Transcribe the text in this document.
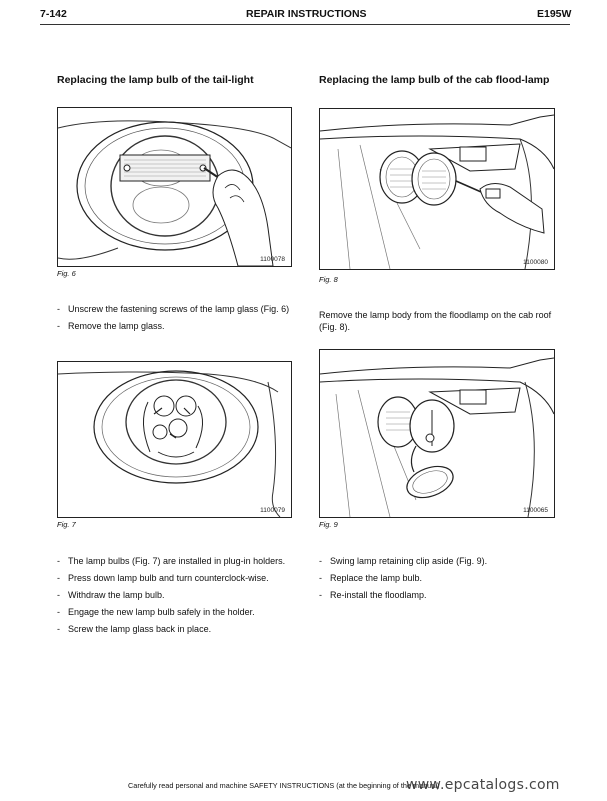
7-142	REPAIR INSTRUCTIONS	E195W
Replacing the lamp bulb of the tail-light
1100078
Fig. 6
- Unscrew the fastening screws of the lamp glass (Fig. 6)
- Remove the lamp glass.
1100079
Fig. 7
- The lamp bulbs (Fig. 7) are installed in plug-in holders.
- Press down lamp bulb and turn counterclock-wise.
- Withdraw the lamp bulb.
- Engage the new lamp bulb safely in the holder.
- Screw the lamp glass back in place.
Replacing the lamp bulb of the cab flood-lamp
1100080
Fig. 8
Remove the lamp body from the floodlamp on the cab roof (Fig. 8).
1100065
Fig. 9
- Swing lamp retaining clip aside (Fig. 9).
- Replace the lamp bulb.
- Re-install the floodlamp.
Carefully read personal and machine SAFETY INSTRUCTIONS (at the beginning of the manual)
www.epcatalogs.com
